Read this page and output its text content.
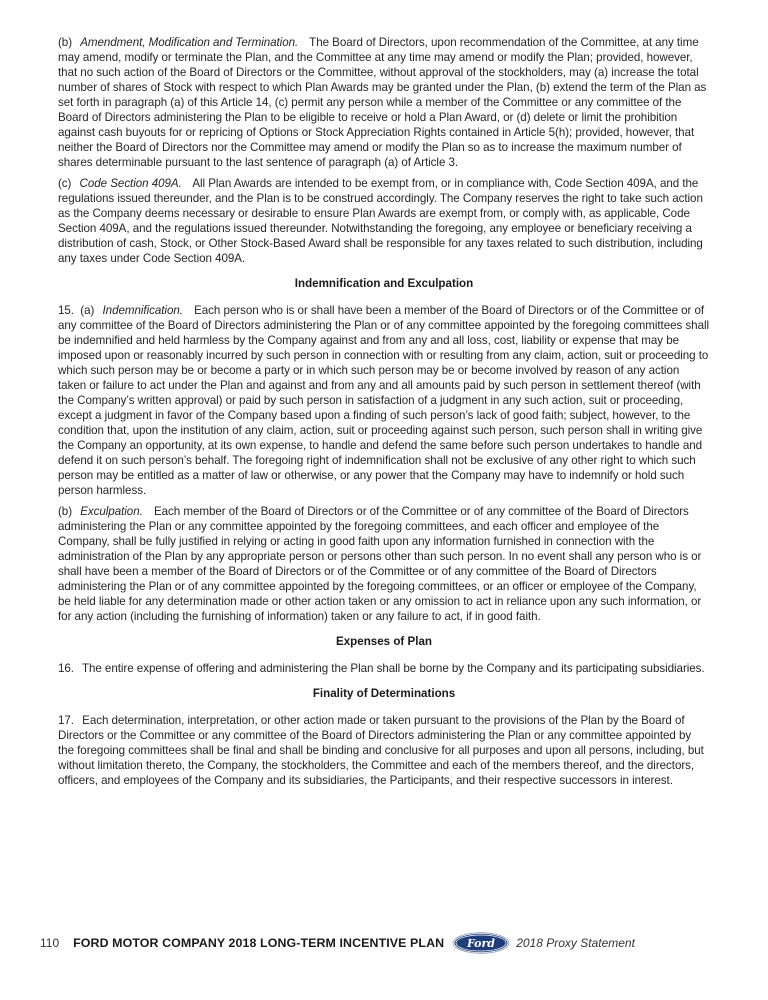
(b) Amendment, Modification and Termination. The Board of Directors, upon recommendation of the Committee, at any time may amend, modify or terminate the Plan, and the Committee at any time may amend or modify the Plan; provided, however, that no such action of the Board of Directors or the Committee, without approval of the stockholders, may (a) increase the total number of shares of Stock with respect to which Plan Awards may be granted under the Plan, (b) extend the term of the Plan as set forth in paragraph (a) of this Article 14, (c) permit any person while a member of the Committee or any committee of the Board of Directors administering the Plan to be eligible to receive or hold a Plan Award, or (d) delete or limit the prohibition against cash buyouts for or repricing of Options or Stock Appreciation Rights contained in Article 5(h); provided, however, that neither the Board of Directors nor the Committee may amend or modify the Plan so as to increase the maximum number of shares determinable pursuant to the last sentence of paragraph (a) of Article 3.

(c) Code Section 409A. All Plan Awards are intended to be exempt from, or in compliance with, Code Section 409A, and the regulations issued thereunder, and the Plan is to be construed accordingly. The Company reserves the right to take such action as the Company deems necessary or desirable to ensure Plan Awards are exempt from, or comply with, as applicable, Code Section 409A, and the regulations issued thereunder. Notwithstanding the foregoing, any employee or beneficiary receiving a distribution of cash, Stock, or Other Stock-Based Award shall be responsible for any taxes related to such distribution, including any taxes under Code Section 409A.

Indemnification and Exculpation

15.  (a) Indemnification. Each person who is or shall have been a member of the Board of Directors or of the Committee or of any committee of the Board of Directors administering the Plan or of any committee appointed by the foregoing committees shall be indemnified and held harmless by the Company against and from any and all loss, cost, liability or expense that may be imposed upon or reasonably incurred by such person in connection with or resulting from any claim, action, suit or proceeding to which such person may be or become a party or in which such person may be or become involved by reason of any action taken or failure to act under the Plan and against and from any and all amounts paid by such person in settlement thereof (with the Company’s written approval) or paid by such person in satisfaction of a judgment in any such action, suit or proceeding, except a judgment in favor of the Company based upon a finding of such person’s lack of good faith; subject, however, to the condition that, upon the institution of any claim, action, suit or proceeding against such person, such person shall in writing give the Company an opportunity, at its own expense, to handle and defend the same before such person undertakes to handle and defend it on such person’s behalf. The foregoing right of indemnification shall not be exclusive of any other right to which such person may be entitled as a matter of law or otherwise, or any power that the Company may have to indemnify or hold such person harmless.

(b) Exculpation. Each member of the Board of Directors or of the Committee or of any committee of the Board of Directors administering the Plan or any committee appointed by the foregoing committees, and each officer and employee of the Company, shall be fully justified in relying or acting in good faith upon any information furnished in connection with the administration of the Plan by any appropriate person or persons other than such person. In no event shall any person who is or shall have been a member of the Board of Directors or of the Committee or of any committee of the Board of Directors administering the Plan or of any committee appointed by the foregoing committees, or an officer or employee of the Company, be held liable for any determination made or other action taken or any omission to act in reliance upon any such information, or for any action (including the furnishing of information) taken or any failure to act, if in good faith.

Expenses of Plan

16. The entire expense of offering and administering the Plan shall be borne by the Company and its participating subsidiaries.

Finality of Determinations

17. Each determination, interpretation, or other action made or taken pursuant to the provisions of the Plan by the Board of Directors or the Committee or any committee of the Board of Directors administering the Plan or any committee appointed by the foregoing committees shall be final and shall be binding and conclusive for all purposes and upon all persons, including, but without limitation thereto, the Company, the stockholders, the Committee and each of the members thereof, and the directors, officers, and employees of the Company and its subsidiaries, the Participants, and their respective successors in interest.

110 FORD MOTOR COMPANY 2018 LONG-TERM INCENTIVE PLAN Ford 2018 Proxy Statement
